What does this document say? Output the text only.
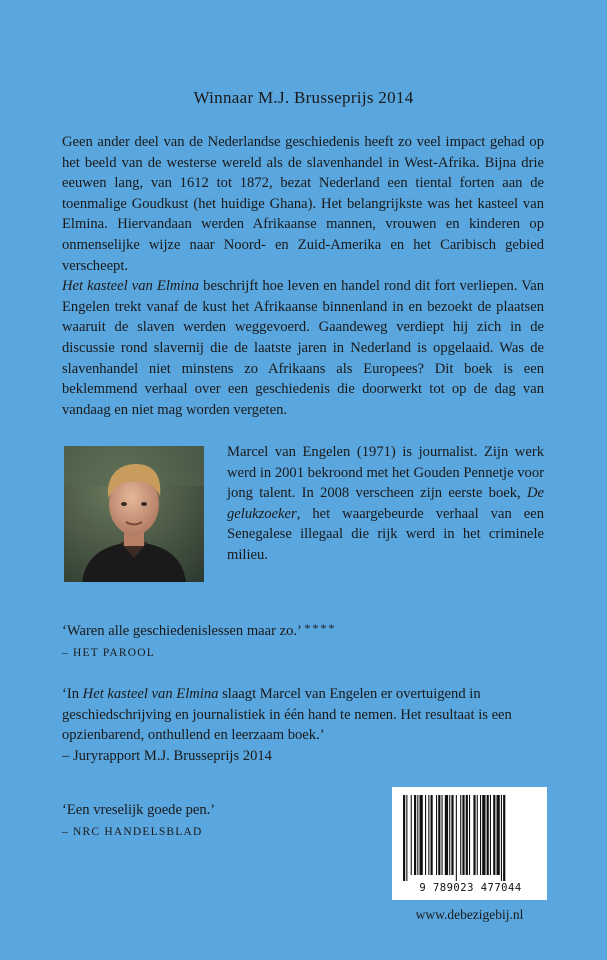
Winnaar M.J. Brusseprijs 2014

Geen ander deel van de Nederlandse geschiedenis heeft zo veel impact gehad op het beeld van de westerse wereld als de slavenhandel in West-Afrika. Bijna drie eeuwen lang, van 1612 tot 1872, bezat Nederland een tiental forten aan de toenmalige Goudkust (het huidige Ghana). Het belangrijkste was het kasteel van Elmina. Hiervandaan werden Afrikaanse mannen, vrouwen en kinderen op onmenselijke wijze naar Noord- en Zuid-Amerika en het Caribisch gebied verscheept.

Het kasteel van Elmina beschrijft hoe leven en handel rond dit fort verliepen. Van Engelen trekt vanaf de kust het Afrikaanse binnenland in en bezoekt de plaatsen waaruit de slaven werden weggevoerd. Gaandeweg verdiept hij zich in de discussie rond slavernij die de laatste jaren in Nederland is opgelaaid. Was de slavenhandel niet minstens zo Afrikaans als Europees? Dit boek is een beklemmend verhaal over een geschiedenis die doorwerkt tot op de dag van vandaag en niet mag worden vergeten.

Marcel van Engelen (1971) is journalist. Zijn werk werd in 2001 bekroond met het Gouden Pennetje voor jong talent. In 2008 verscheen zijn eerste boek, De gelukzoeker, het waargebeurde verhaal van een Senegalese illegaal die rijk werd in het criminele milieu.

‘Waren alle geschiedenislessen maar zo.’ ****
– HET PAROOL
‘In Het kasteel van Elmina slaagt Marcel van Engelen er overtuigend in geschiedschrijving en journalistiek in één hand te nemen. Het resultaat is een opzienbarend, onthullend en leerzaam boek.’
– Juryrapport M.J. Brusseprijs 2014
‘Een vreselijk goede pen.’
– NRC HANDELSBLAD
9 789023 477044
www.debezigebij.nl
